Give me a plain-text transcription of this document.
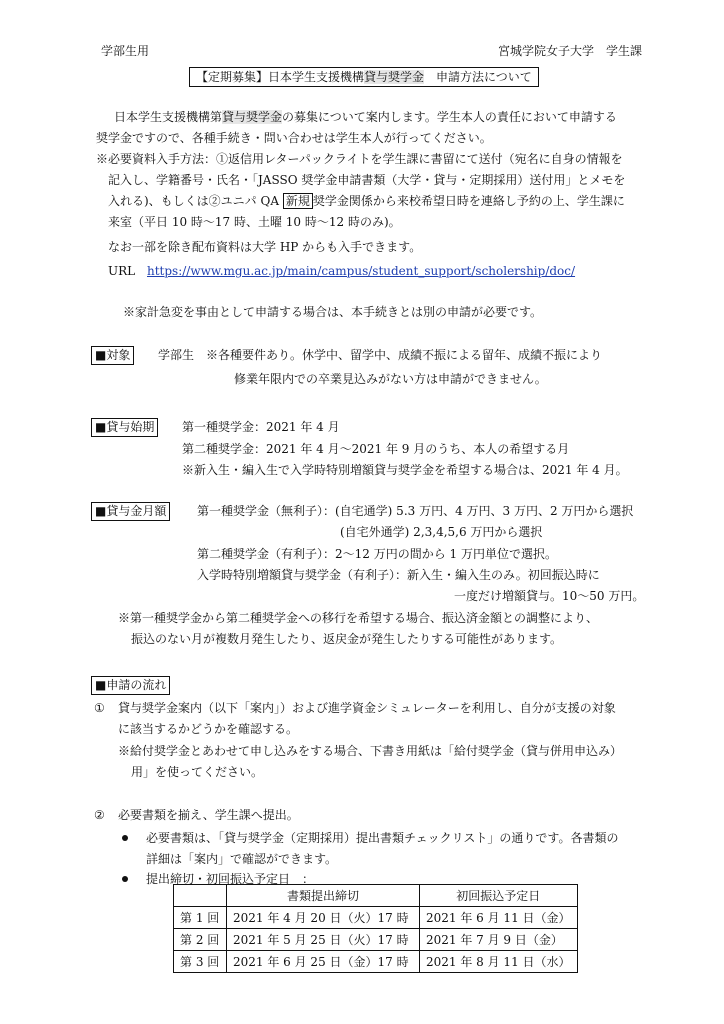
学部生用	宮城学院女子大学　学生課
【定期募集】日本学生支援機構貸与奨学金　申請方法について
日本学生支援機構第貸与奨学金の募集について案内します。学生本人の責任において申請する
奨学金ですので、各種手続き・問い合わせは学生本人が行ってください。
※必要資料入手方法：①返信用レターパックライトを学生課に書留にて送付（宛名に自身の情報を
記入し、学籍番号・氏名・「JASSO 奨学金申請書類（大学・貸与・定期採用）送付用」とメモを
入れる)、もしくは②ユニパ QA 新規 奨学金関係から来校希望日時を連絡し予約の上、学生課に
来室（平日 10 時～17 時、土曜 10 時～12 時のみ)。
なお一部を除き配布資料は大学 HP からも入手できます。
URL https://www.mgu.ac.jp/main/campus/student_support/scholership/doc/
※家計急変を事由として申請する場合は、本手続きとは別の申請が必要です。
■対象	学部生　※各種要件あり。休学中、留学中、成績不振による留年、成績不振により
修業年限内での卒業見込みがない方は申請ができません。
■貸与始期	第一種奨学金：2021 年 4 月
第二種奨学金：2021 年 4 月～2021 年 9 月のうち、本人の希望する月
※新入生・編入生で入学時特別増額貸与奨学金を希望する場合は、2021 年 4 月。
■貸与金月額	第一種奨学金（無利子）：(自宅通学) 5.3 万円、4 万円、3 万円、2 万円から選択
(自宅外通学) 2,3,4,5,6 万円から選択
第二種奨学金（有利子）：2～12 万円の間から 1 万円単位で選択。
入学時特別増額貸与奨学金（有利子）：新入生・編入生のみ。初回振込時に
一度だけ増額貸与。10～50 万円。
※第一種奨学金から第二種奨学金への移行を希望する場合、振込済金額との調整により、
振込のない月が複数月発生したり、返戻金が発生したりする可能性があります。
■申請の流れ
① 貸与奨学金案内（以下「案内」）および進学資金シミュレーターを利用し、自分が支援の対象
に該当するかどうかを確認する。
※給付奨学金とあわせて申し込みをする場合、下書き用紙は「給付奨学金（貸与併用申込み）
用」を使ってください。
② 必要書類を揃え、学生課へ提出。
必要書類は、「貸与奨学金（定期採用）提出書類チェックリスト」の通りです。各書類の
詳細は「案内」で確認ができます。
提出締切・初回振込予定日　：
	書類提出締切	初回振込予定日
第 1 回	2021 年 4 月 20 日（火）17 時	2021 年 6 月 11 日（金）
第 2 回	2021 年 5 月 25 日（火）17 時	2021 年 7 月 9 日（金）
第 3 回	2021 年 6 月 25 日（金）17 時	2021 年 8 月 11 日（水）
